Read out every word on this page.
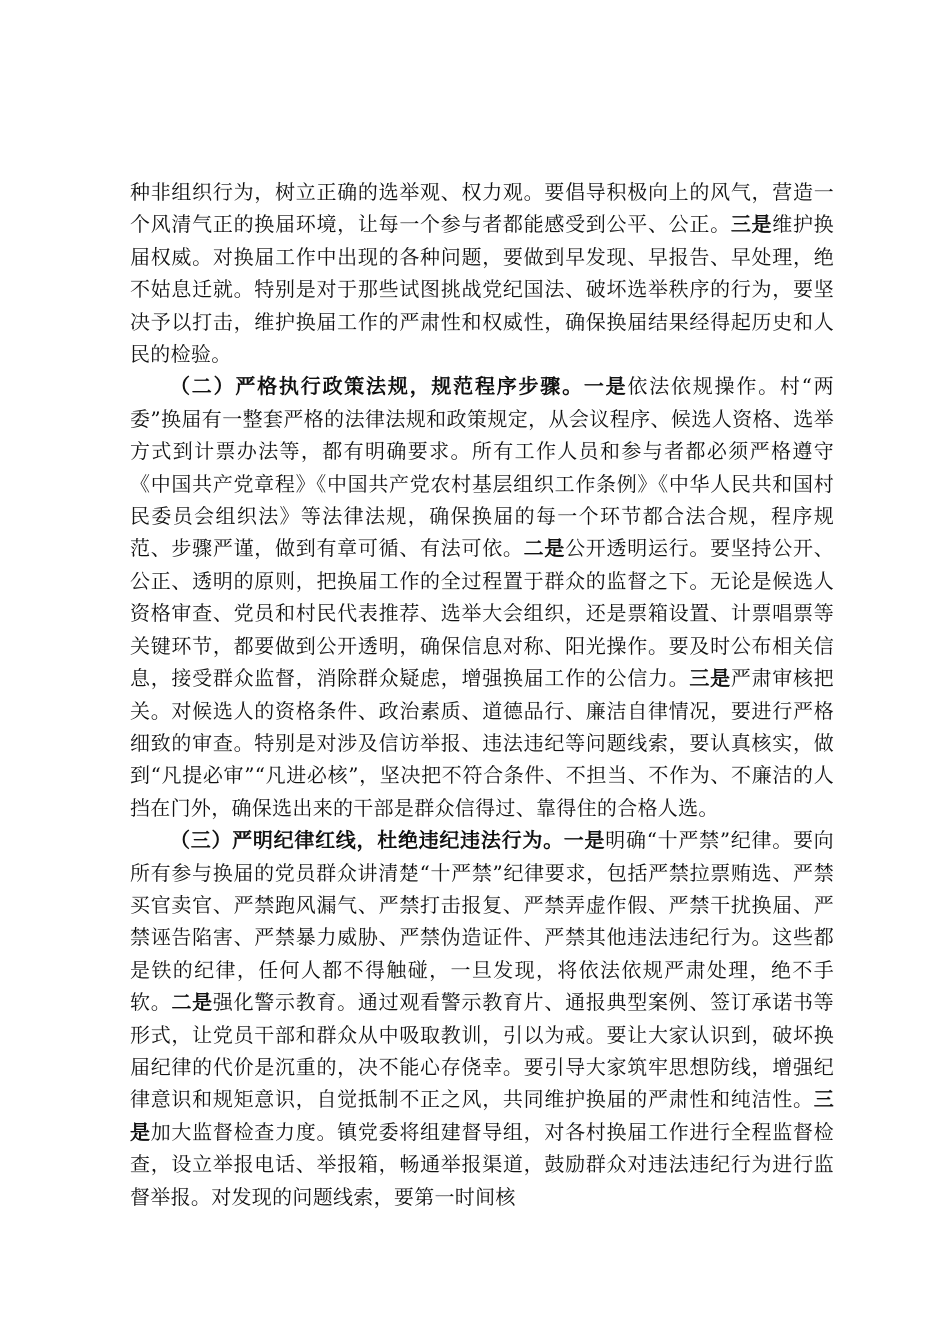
种非组织行为，树立正确的选举观、权力观。要倡导积极向上的风气，营造一个风清气正的换届环境，让每一个参与者都能感受到公平、公正。三是维护换届权威。对换届工作中出现的各种问题，要做到早发现、早报告、早处理，绝不姑息迁就。特别是对于那些试图挑战党纪国法、破坏选举秩序的行为，要坚决予以打击，维护换届工作的严肃性和权威性，确保换届结果经得起历史和人民的检验。

（二）严格执行政策法规，规范程序步骤。一是依法依规操作。村“两委”换届有一整套严格的法律法规和政策规定，从会议程序、候选人资格、选举方式到计票办法等，都有明确要求。所有工作人员和参与者都必须严格遵守《中国共产党章程》《中国共产党农村基层组织工作条例》《中华人民共和国村民委员会组织法》等法律法规，确保换届的每一个环节都合法合规，程序规范、步骤严谨，做到有章可循、有法可依。二是公开透明运行。要坚持公开、公正、透明的原则，把换届工作的全过程置于群众的监督之下。无论是候选人资格审查、党员和村民代表推荐、选举大会组织，还是票箱设置、计票唱票等关键环节，都要做到公开透明，确保信息对称、阳光操作。要及时公布相关信息，接受群众监督，消除群众疑虑，增强换届工作的公信力。三是严肃审核把关。对候选人的资格条件、政治素质、道德品行、廉洁自律情况，要进行严格细致的审查。特别是对涉及信访举报、违法违纪等问题线索，要认真核实，做到“凡提必审”“凡进必核”，坚决把不符合条件、不担当、不作为、不廉洁的人挡在门外，确保选出来的干部是群众信得过、靠得住的合格人选。

（三）严明纪律红线，杜绝违纪违法行为。一是明确“十严禁”纪律。要向所有参与换届的党员群众讲清楚“十严禁”纪律要求，包括严禁拉票贿选、严禁买官卖官、严禁跑风漏气、严禁打击报复、严禁弄虚作假、严禁干扰换届、严禁诬告陷害、严禁暴力威胁、严禁伪造证件、严禁其他违法违纪行为。这些都是铁的纪律，任何人都不得触碰，一旦发现，将依法依规严肃处理，绝不手软。二是强化警示教育。通过观看警示教育片、通报典型案例、签订承诺书等形式，让党员干部和群众从中吸取教训，引以为戒。要让大家认识到，破坏换届纪律的代价是沉重的，决不能心存侥幸。要引导大家筑牢思想防线，增强纪律意识和规矩意识，自觉抵制不正之风，共同维护换届的严肃性和纯洁性。三是加大监督检查力度。镇党委将组建督导组，对各村换届工作进行全程监督检查，设立举报电话、举报箱，畅通举报渠道，鼓励群众对违法违纪行为进行监督举报。对发现的问题线索，要第一时间核
